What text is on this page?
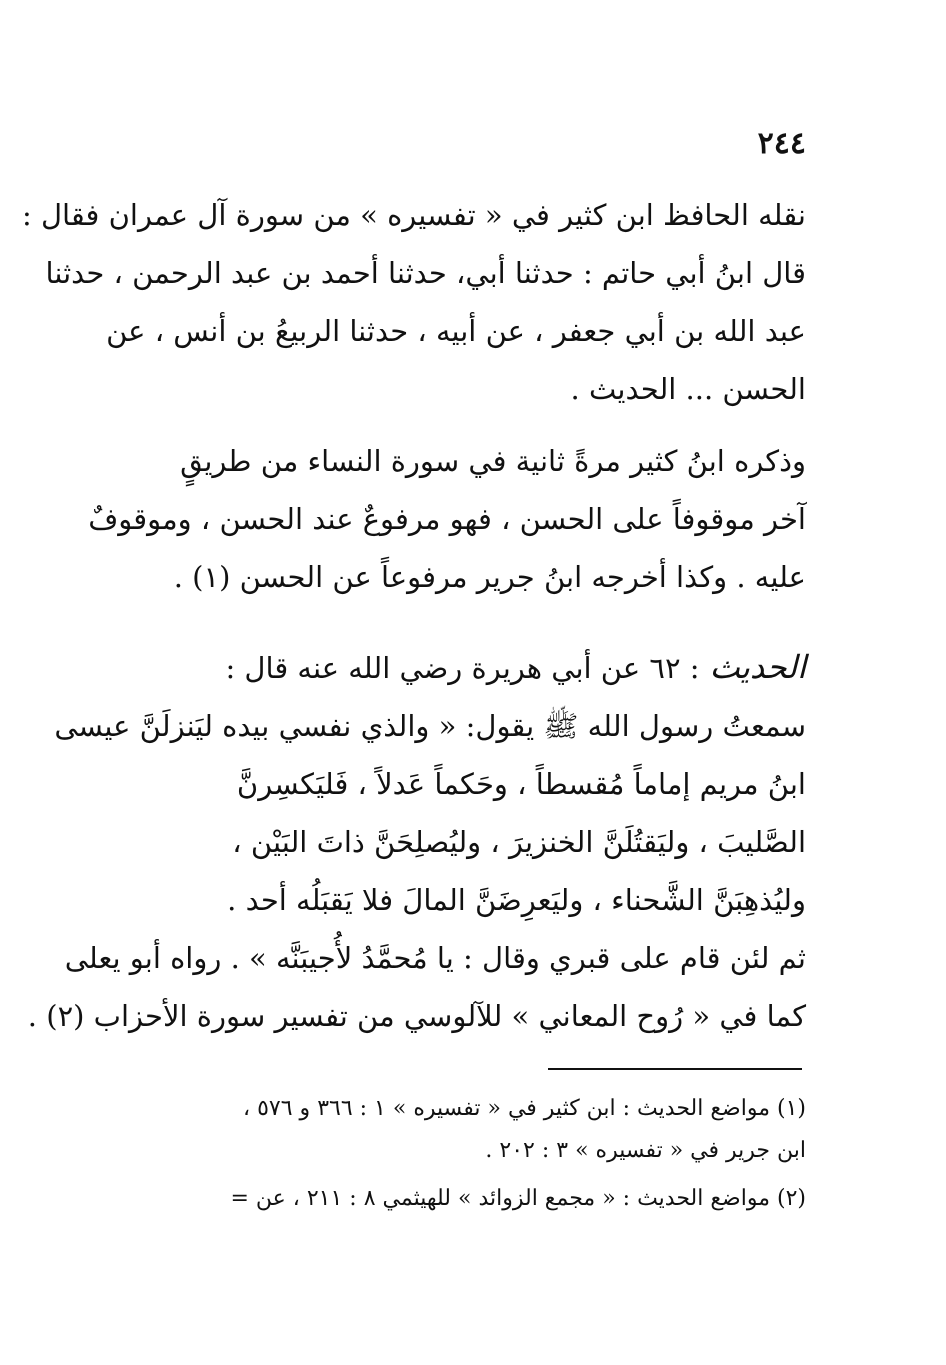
٢٤٤
نقله الحافظ ابن كثير في « تفسيره » من سورة آل عمران فقال :
قال ابنُ أبي حاتم : حدثنا أبي، حدثنا أحمد بن عبد الرحمن ، حدثنا
عبد الله بن أبي جعفر ، عن أبيه ، حدثنا الربيعُ بن أنس ، عن
الحسن ... الحديث .
وذكره ابنُ كثير مرةً ثانية في سورة النساء من طريقٍ
آخر موقوفاً على الحسن ، فهو مرفوعٌ عند الحسن ، وموقوفٌ
عليه . وكذا أخرجه ابنُ جرير مرفوعاً عن الحسن (١) .
الحديث: ٦٢ عن أبي هريرة رضي الله عنه قال :
سمعتُ رسول الله ﷺ يقول: « والذي نفسي بيده ليَنزلَنَّ عيسى
ابنُ مريم إماماً مُقسطاً ، وحَكماً عَدلاً ، فَليَكسِرنَّ
الصَّليبَ ، وليَقتُلَنَّ الخنزيرَ ، وليُصلِحَنَّ ذاتَ البَيْن ،
وليُذهِبَنَّ الشَّحناء ، وليَعرِضَنَّ المالَ فلا يَقبَلُه أحد .
ثم لئن قام على قبري وقال : يا مُحمَّدُ لأُجيبَنَّه » . رواه أبو يعلى
كما في « رُوح المعاني » للآلوسي من تفسير سورة الأحزاب (٢) .
(١) مواضع الحديث : ابن كثير في « تفسيره » ١ : ٣٦٦ و ٥٧٦ ،
ابن جرير في « تفسيره » ٣ : ٢٠٢ .
(٢) مواضع الحديث : « مجمع الزوائد » للهيثمي ٨ : ٢١١ ، عن =
